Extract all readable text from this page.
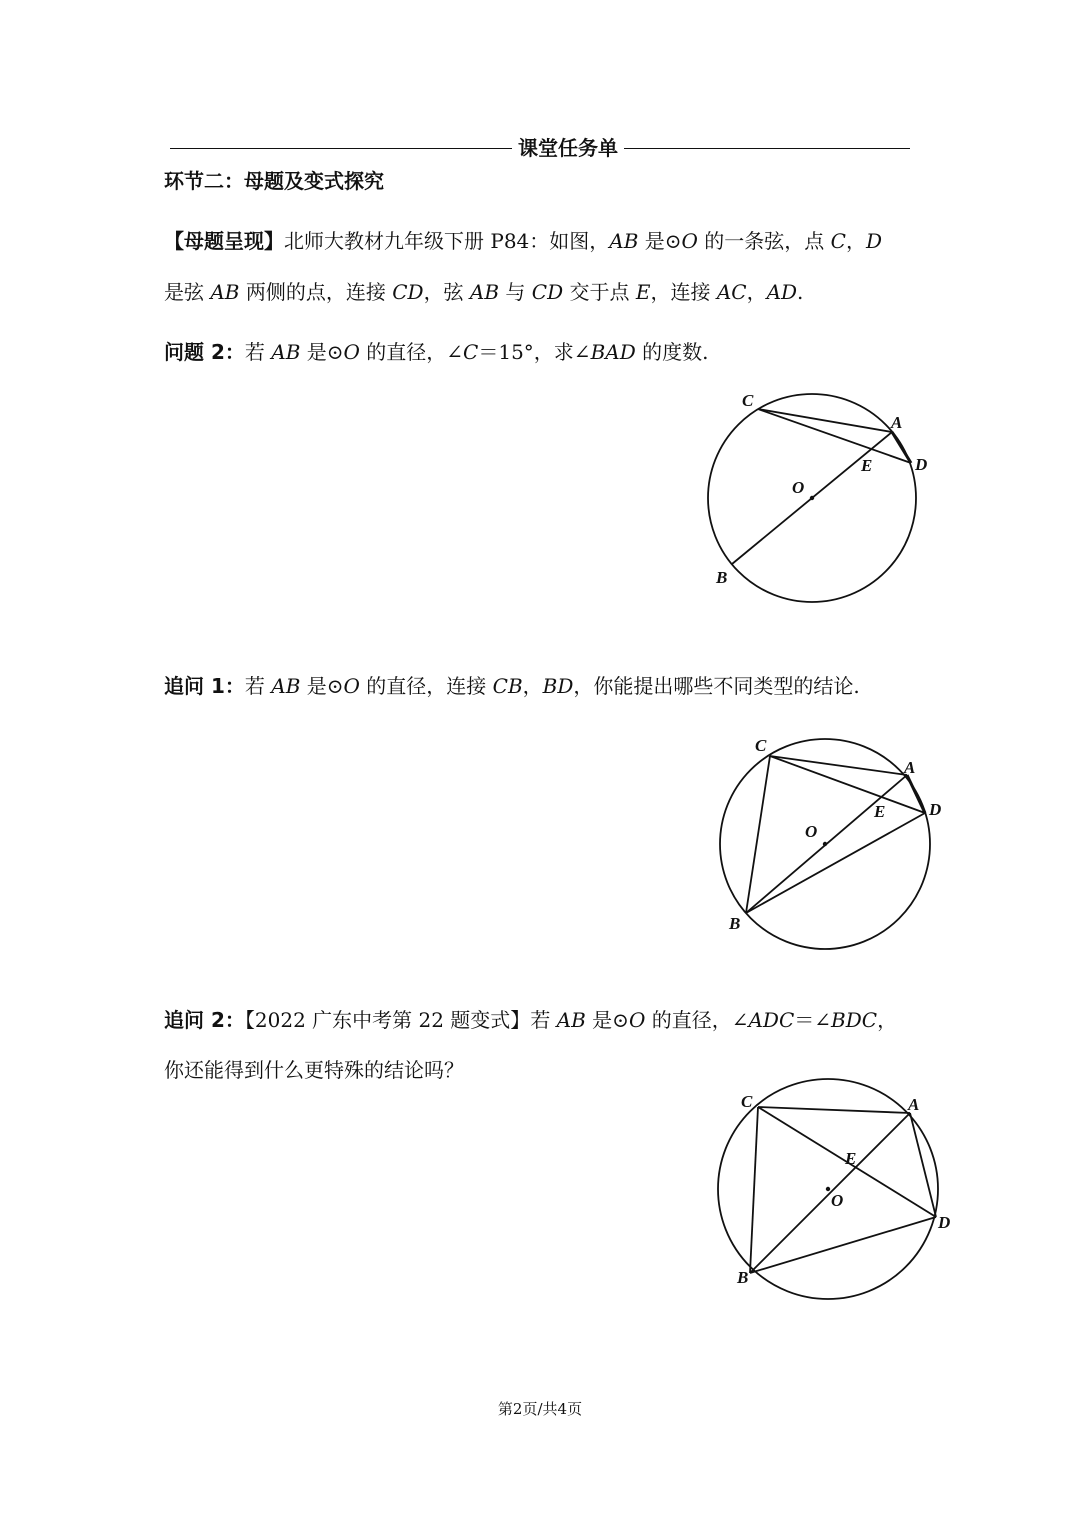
课堂任务单
环节二：母题及变式探究
【母题呈现】北师大教材九年级下册 P84：如图，AB 是⊙O 的一条弦，点 C，D
是弦 AB 两侧的点，连接 CD，弦 AB 与 CD 交于点 E，连接 AC，AD.
问题 2：若 AB 是⊙O 的直径，∠C＝15°，求∠BAD 的度数.
C
A
E	D
O
B
追问 1：若 AB 是⊙O 的直径，连接 CB，BD，你能提出哪些不同类型的结论.
C
A
E	D
O
B
追问 2：【2022 广东中考第 22 题变式】若 AB 是⊙O 的直径，∠ADC＝∠BDC，
你还能得到什么更特殊的结论吗？
C	A
E
D
O
B
第2页/共4页
